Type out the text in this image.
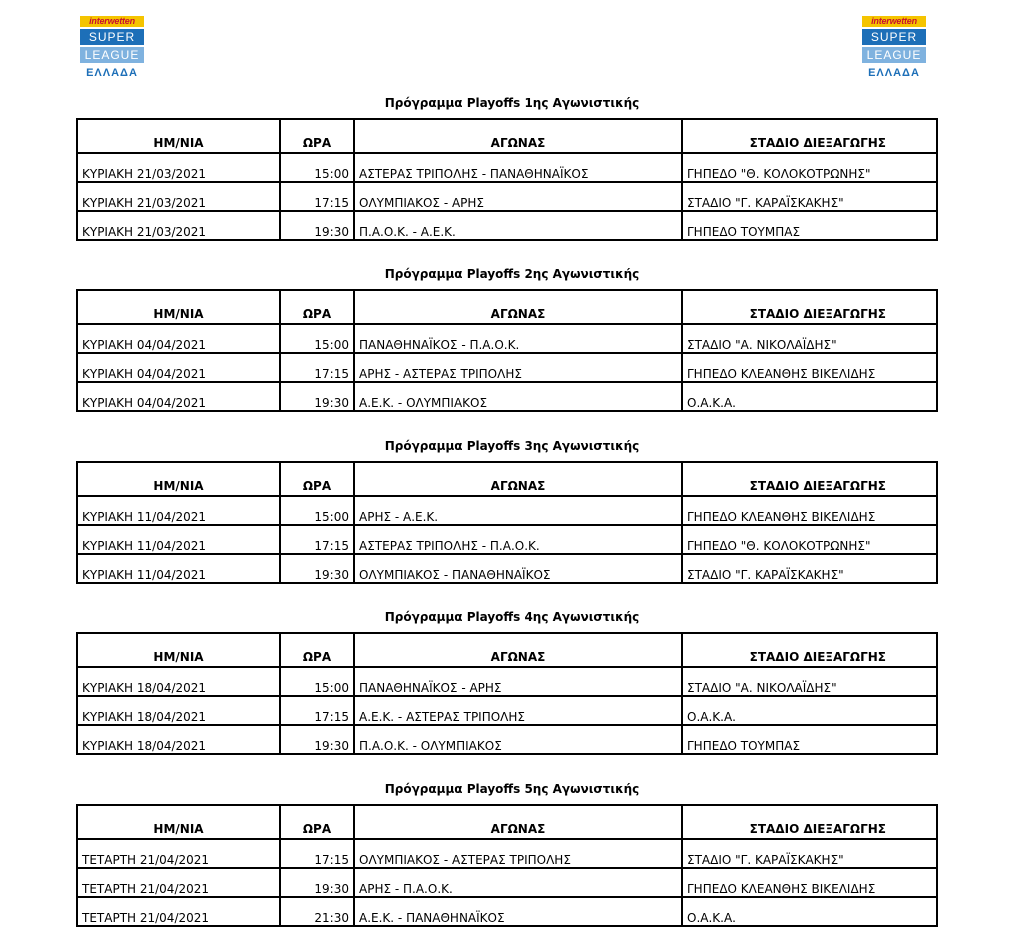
interwetten
SUPER
LEAGUE
ΕΛΛΑΔΑ
interwetten
SUPER
LEAGUE
ΕΛΛΑΔΑ
Πρόγραμμα Playoffs 1ης Αγωνιστικής
ΗΜ/ΝΙΑ	ΩΡΑ	ΑΓΩΝΑΣ	ΣΤΑΔΙΟ ΔΙΕΞΑΓΩΓΗΣ
ΚΥΡΙΑΚΗ 21/03/2021	15:00	ΑΣΤΕΡΑΣ ΤΡΙΠΟΛΗΣ - ΠΑΝΑΘΗΝΑΪΚΟΣ	ΓΗΠΕΔΟ "Θ. ΚΟΛΟΚΟΤΡΩΝΗΣ"
ΚΥΡΙΑΚΗ 21/03/2021	17:15	ΟΛΥΜΠΙΑΚΟΣ - ΑΡΗΣ	ΣΤΑΔΙΟ "Γ. ΚΑΡΑΪΣΚΑΚΗΣ"
ΚΥΡΙΑΚΗ 21/03/2021	19:30	Π.Α.Ο.Κ. - Α.Ε.Κ.	ΓΗΠΕΔΟ ΤΟΥΜΠΑΣ
Πρόγραμμα Playoffs 2ης Αγωνιστικής
ΗΜ/ΝΙΑ	ΩΡΑ	ΑΓΩΝΑΣ	ΣΤΑΔΙΟ ΔΙΕΞΑΓΩΓΗΣ
ΚΥΡΙΑΚΗ 04/04/2021	15:00	ΠΑΝΑΘΗΝΑΪΚΟΣ - Π.Α.Ο.Κ.	ΣΤΑΔΙΟ "Α. ΝΙΚΟΛΑΪΔΗΣ"
ΚΥΡΙΑΚΗ 04/04/2021	17:15	ΑΡΗΣ - ΑΣΤΕΡΑΣ ΤΡΙΠΟΛΗΣ	ΓΗΠΕΔΟ ΚΛΕΑΝΘΗΣ ΒΙΚΕΛΙΔΗΣ
ΚΥΡΙΑΚΗ 04/04/2021	19:30	Α.Ε.Κ. - ΟΛΥΜΠΙΑΚΟΣ	Ο.Α.Κ.Α.
Πρόγραμμα Playoffs 3ης Αγωνιστικής
ΗΜ/ΝΙΑ	ΩΡΑ	ΑΓΩΝΑΣ	ΣΤΑΔΙΟ ΔΙΕΞΑΓΩΓΗΣ
ΚΥΡΙΑΚΗ 11/04/2021	15:00	ΑΡΗΣ - Α.Ε.Κ.	ΓΗΠΕΔΟ ΚΛΕΑΝΘΗΣ ΒΙΚΕΛΙΔΗΣ
ΚΥΡΙΑΚΗ 11/04/2021	17:15	ΑΣΤΕΡΑΣ ΤΡΙΠΟΛΗΣ - Π.Α.Ο.Κ.	ΓΗΠΕΔΟ "Θ. ΚΟΛΟΚΟΤΡΩΝΗΣ"
ΚΥΡΙΑΚΗ 11/04/2021	19:30	ΟΛΥΜΠΙΑΚΟΣ - ΠΑΝΑΘΗΝΑΪΚΟΣ	ΣΤΑΔΙΟ "Γ. ΚΑΡΑΪΣΚΑΚΗΣ"
Πρόγραμμα Playoffs 4ης Αγωνιστικής
ΗΜ/ΝΙΑ	ΩΡΑ	ΑΓΩΝΑΣ	ΣΤΑΔΙΟ ΔΙΕΞΑΓΩΓΗΣ
ΚΥΡΙΑΚΗ 18/04/2021	15:00	ΠΑΝΑΘΗΝΑΪΚΟΣ - ΑΡΗΣ	ΣΤΑΔΙΟ "Α. ΝΙΚΟΛΑΪΔΗΣ"
ΚΥΡΙΑΚΗ 18/04/2021	17:15	Α.Ε.Κ. - ΑΣΤΕΡΑΣ ΤΡΙΠΟΛΗΣ	Ο.Α.Κ.Α.
ΚΥΡΙΑΚΗ 18/04/2021	19:30	Π.Α.Ο.Κ. - ΟΛΥΜΠΙΑΚΟΣ	ΓΗΠΕΔΟ ΤΟΥΜΠΑΣ
Πρόγραμμα Playoffs 5ης Αγωνιστικής
ΗΜ/ΝΙΑ	ΩΡΑ	ΑΓΩΝΑΣ	ΣΤΑΔΙΟ ΔΙΕΞΑΓΩΓΗΣ
ΤΕΤΑΡΤΗ 21/04/2021	17:15	ΟΛΥΜΠΙΑΚΟΣ - ΑΣΤΕΡΑΣ ΤΡΙΠΟΛΗΣ	ΣΤΑΔΙΟ "Γ. ΚΑΡΑΪΣΚΑΚΗΣ"
ΤΕΤΑΡΤΗ 21/04/2021	19:30	ΑΡΗΣ - Π.Α.Ο.Κ.	ΓΗΠΕΔΟ ΚΛΕΑΝΘΗΣ ΒΙΚΕΛΙΔΗΣ
ΤΕΤΑΡΤΗ 21/04/2021	21:30	Α.Ε.Κ. - ΠΑΝΑΘΗΝΑΪΚΟΣ	Ο.Α.Κ.Α.
